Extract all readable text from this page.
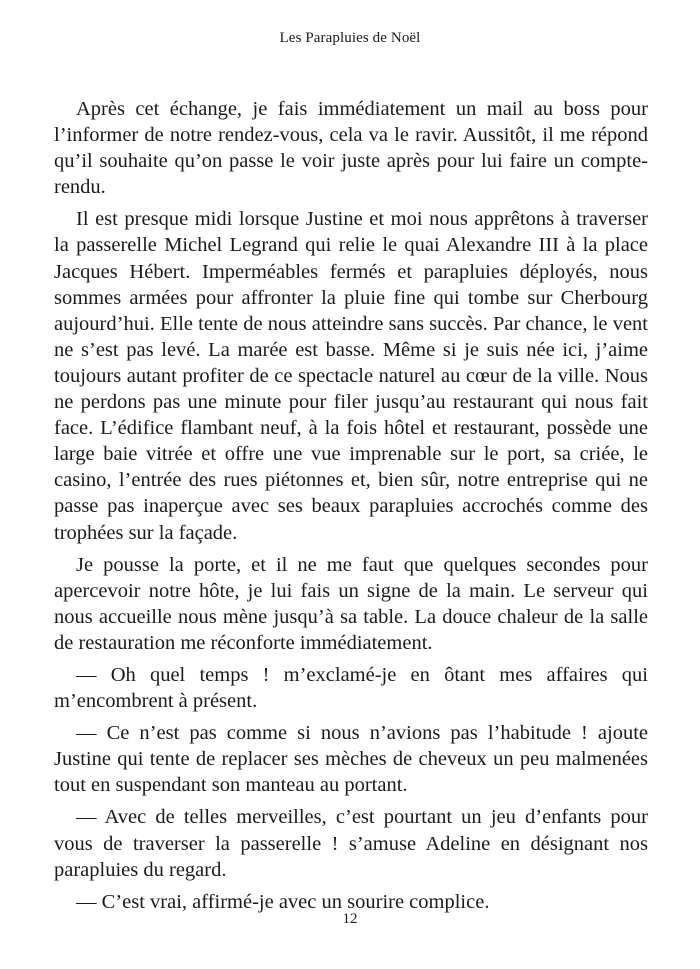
Les Parapluies de Noël

Après cet échange, je fais immédiatement un mail au boss pour l’informer de notre rendez-vous, cela va le ravir. Aussitôt, il me répond qu’il souhaite qu’on passe le voir juste après pour lui faire un compte-rendu.

Il est presque midi lorsque Justine et moi nous apprêtons à traverser la passerelle Michel Legrand qui relie le quai Alexandre III à la place Jacques Hébert. Imperméables fermés et parapluies déployés, nous sommes armées pour affronter la pluie fine qui tombe sur Cherbourg aujourd’hui. Elle tente de nous atteindre sans succès. Par chance, le vent ne s’est pas levé. La marée est basse. Même si je suis née ici, j’aime toujours autant profiter de ce spectacle naturel au cœur de la ville. Nous ne perdons pas une minute pour filer jusqu’au restaurant qui nous fait face. L’édifice flambant neuf, à la fois hôtel et restaurant, possède une large baie vitrée et offre une vue imprenable sur le port, sa criée, le casino, l’entrée des rues piétonnes et, bien sûr, notre entreprise qui ne passe pas inaperçue avec ses beaux parapluies accrochés comme des trophées sur la façade.

Je pousse la porte, et il ne me faut que quelques secondes pour apercevoir notre hôte, je lui fais un signe de la main. Le serveur qui nous accueille nous mène jusqu’à sa table. La douce chaleur de la salle de restauration me réconforte immédiatement.

— Oh quel temps ! m’exclamé-je en ôtant mes affaires qui m’encombrent à présent.

— Ce n’est pas comme si nous n’avions pas l’habitude ! ajoute Justine qui tente de replacer ses mèches de cheveux un peu malmenées tout en suspendant son manteau au portant.

— Avec de telles merveilles, c’est pourtant un jeu d’enfants pour vous de traverser la passerelle ! s’amuse Adeline en désignant nos parapluies du regard.

— C’est vrai, affirmé-je avec un sourire complice.

12
